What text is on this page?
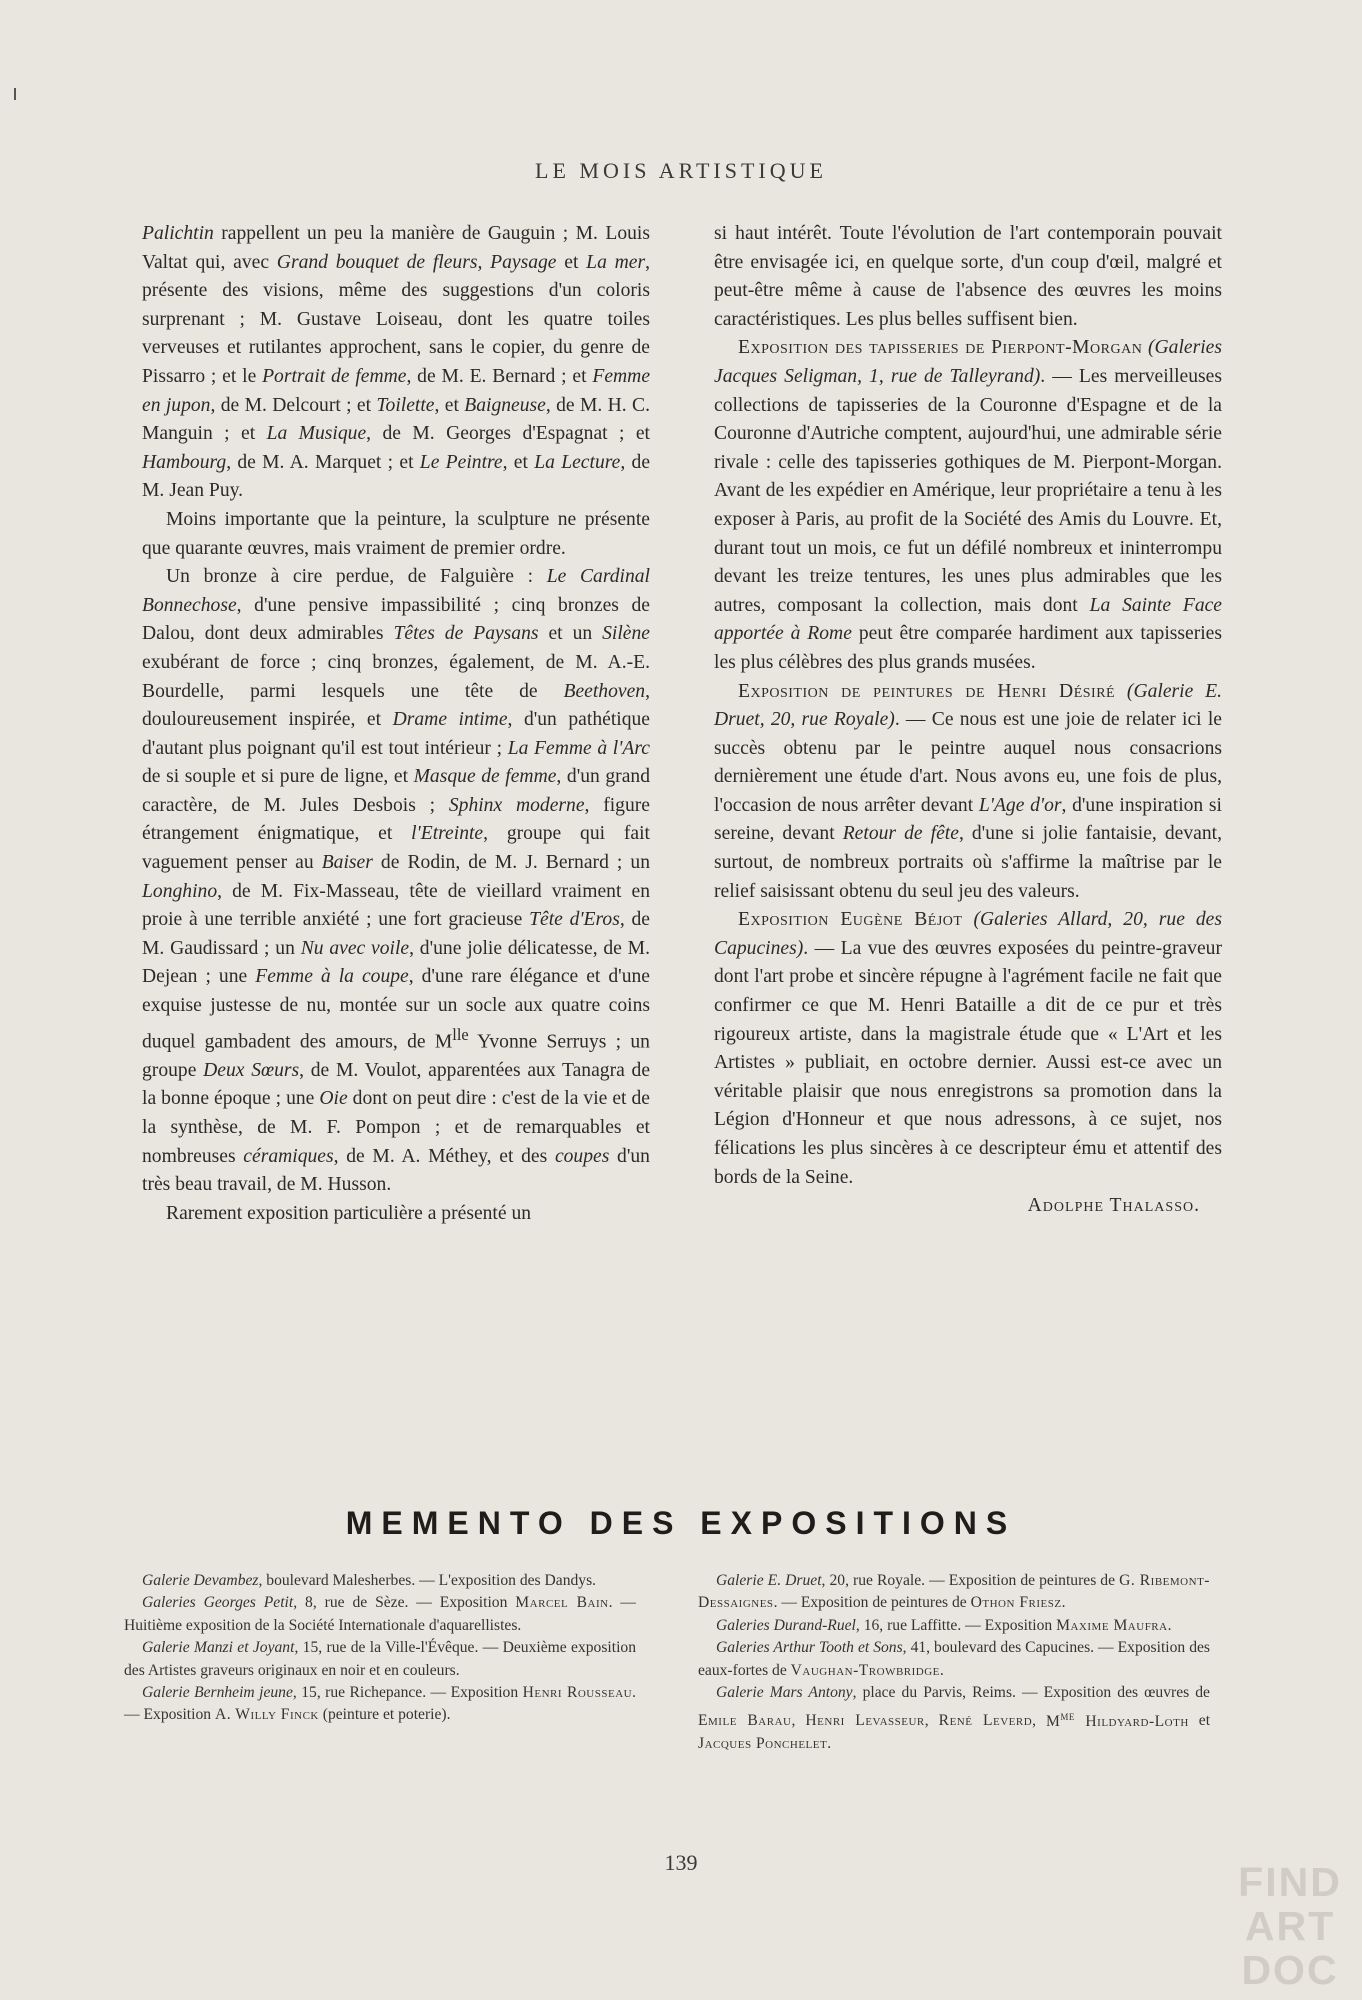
LE MOIS ARTISTIQUE

Palichtin rappellent un peu la manière de Gauguin ; M. Louis Valtat qui, avec Grand bouquet de fleurs, Paysage et La mer, présente des visions, même des suggestions d'un coloris surprenant ; M. Gustave Loiseau, dont les quatre toiles verveuses et rutilantes approchent, sans le copier, du genre de Pissarro ; et le Portrait de femme, de M. E. Bernard ; et Femme en jupon, de M. Delcourt ; et Toilette, et Baigneuse, de M. H. C. Manguin ; et La Musique, de M. Georges d'Espagnat ; et Hambourg, de M. A. Marquet ; et Le Peintre, et La Lecture, de M. Jean Puy.

Moins importante que la peinture, la sculpture ne présente que quarante œuvres, mais vraiment de premier ordre.

Un bronze à cire perdue, de Falguière : Le Cardinal Bonnechose, d'une pensive impassibilité ; cinq bronzes de Dalou, dont deux admirables Têtes de Paysans et un Silène exubérant de force ; cinq bronzes, également, de M. A.-E. Bourdelle, parmi lesquels une tête de Beethoven, douloureusement inspirée, et Drame intime, d'un pathétique d'autant plus poignant qu'il est tout intérieur ; La Femme à l'Arc de si souple et si pure de ligne, et Masque de femme, d'un grand caractère, de M. Jules Desbois ; Sphinx moderne, figure étrangement énigmatique, et l'Etreinte, groupe qui fait vaguement penser au Baiser de Rodin, de M. J. Bernard ; un Longhino, de M. Fix-Masseau, tête de vieillard vraiment en proie à une terrible anxiété ; une fort gracieuse Tête d'Eros, de M. Gaudissard ; un Nu avec voile, d'une jolie délicatesse, de M. Dejean ; une Femme à la coupe, d'une rare élégance et d'une exquise justesse de nu, montée sur un socle aux quatre coins duquel gambadent des amours, de $M^{lle}$ Yvonne Serruys ; un groupe Deux Sœurs, de M. Voulot, apparentées aux Tanagra de la bonne époque ; une Oie dont on peut dire : c'est de la vie et de la synthèse, de M. F. Pompon ; et de remarquables et nombreuses céramiques, de M. A. Méthey, et des coupes d'un très beau travail, de M. Husson.

Rarement exposition particulière a présenté un

si haut intérêt. Toute l'évolution de l'art contemporain pouvait être envisagée ici, en quelque sorte, d'un coup d'œil, malgré et peut-être même à cause de l'absence des œuvres les moins caractéristiques. Les plus belles suffisent bien.

Exposition des tapisseries de Pierpont-Morgan (Galeries Jacques Seligman, 1, rue de Talleyrand). — Les merveilleuses collections de tapisseries de la Couronne d'Espagne et de la Couronne d'Autriche comptent, aujourd'hui, une admirable série rivale : celle des tapisseries gothiques de M. Pierpont-Morgan. Avant de les expédier en Amérique, leur propriétaire a tenu à les exposer à Paris, au profit de la Société des Amis du Louvre. Et, durant tout un mois, ce fut un défilé nombreux et ininterrompu devant les treize tentures, les unes plus admirables que les autres, composant la collection, mais dont La Sainte Face apportée à Rome peut être comparée hardiment aux tapisseries les plus célèbres des plus grands musées.

Exposition de peintures de Henri Désiré (Galerie E. Druet, 20, rue Royale). — Ce nous est une joie de relater ici le succès obtenu par le peintre auquel nous consacrions dernièrement une étude d'art. Nous avons eu, une fois de plus, l'occasion de nous arrêter devant L'Age d'or, d'une inspiration si sereine, devant Retour de fête, d'une si jolie fantaisie, devant, surtout, de nombreux portraits où s'affirme la maîtrise par le relief saisissant obtenu du seul jeu des valeurs.

Exposition Eugène Béjot (Galeries Allard, 20, rue des Capucines). — La vue des œuvres exposées du peintre-graveur dont l'art probe et sincère répugne à l'agrément facile ne fait que confirmer ce que M. Henri Bataille a dit de ce pur et très rigoureux artiste, dans la magistrale étude que « L'Art et les Artistes » publiait, en octobre dernier. Aussi est-ce avec un véritable plaisir que nous enregistrons sa promotion dans la Légion d'Honneur et que nous adressons, à ce sujet, nos félications les plus sincères à ce descripteur ému et attentif des bords de la Seine.

Adolphe Thalasso.

MEMENTO DES EXPOSITIONS

Galerie Devambez, boulevard Malesherbes. — L'exposition des Dandys.

Galeries Georges Petit, 8, rue de Sèze. — Exposition Marcel Bain. — Huitième exposition de la Société Internationale d'aquarellistes.

Galerie Manzi et Joyant, 15, rue de la Ville-l'Évêque. — Deuxième exposition des Artistes graveurs originaux en noir et en couleurs.

Galerie Bernheim jeune, 15, rue Richepance. — Exposition Henri Rousseau. — Exposition A. Willy Finck (peinture et poterie).

Galerie E. Druet, 20, rue Royale. — Exposition de peintures de G. Ribemont-Dessaignes. — Exposition de peintures de Othon Friesz.

Galeries Durand-Ruel, 16, rue Laffitte. — Exposition Maxime Maufra.

Galeries Arthur Tooth et Sons, 41, boulevard des Capucines. — Exposition des eaux-fortes de Vaughan-Trowbridge.

Galerie Mars Antony, place du Parvis, Reims. — Exposition des œuvres de Emile Barau, Henri Levasseur, René Leverd, $M^{me}$ Hildyard-Loth et Jacques Ponchelet.

139	FIND
ART
DOC
